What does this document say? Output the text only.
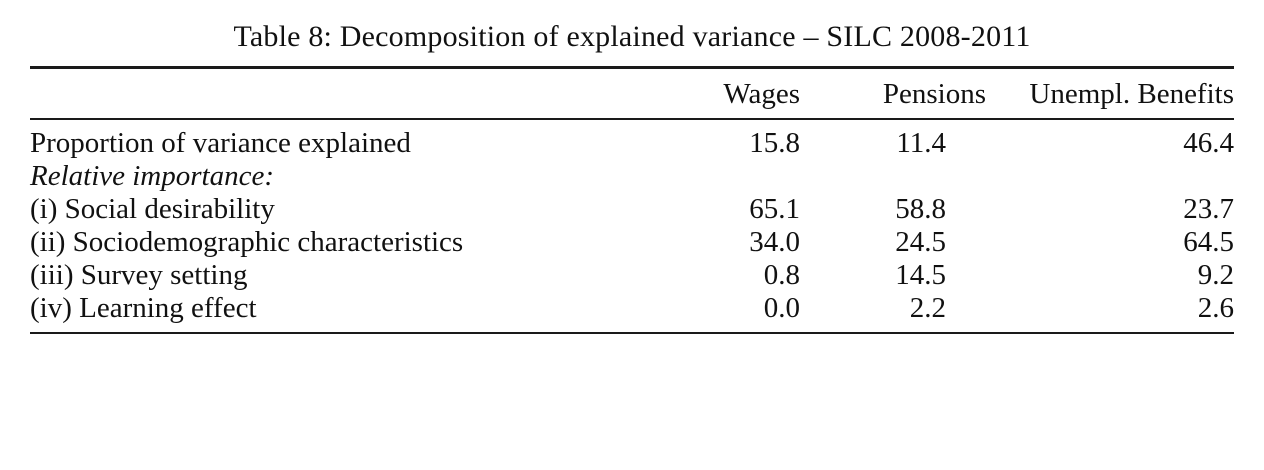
Table 8: Decomposition of explained variance – SILC 2008-2011

	Wages	Pensions	Unempl. Benefits

Proportion of variance explained	15.8	11.4	46.4
Relative importance:			
(i) Social desirability	65.1	58.8	23.7
(ii) Sociodemographic characteristics	34.0	24.5	64.5
(iii) Survey setting	0.8	14.5	9.2
(iv) Learning effect	0.0	2.2	2.6
